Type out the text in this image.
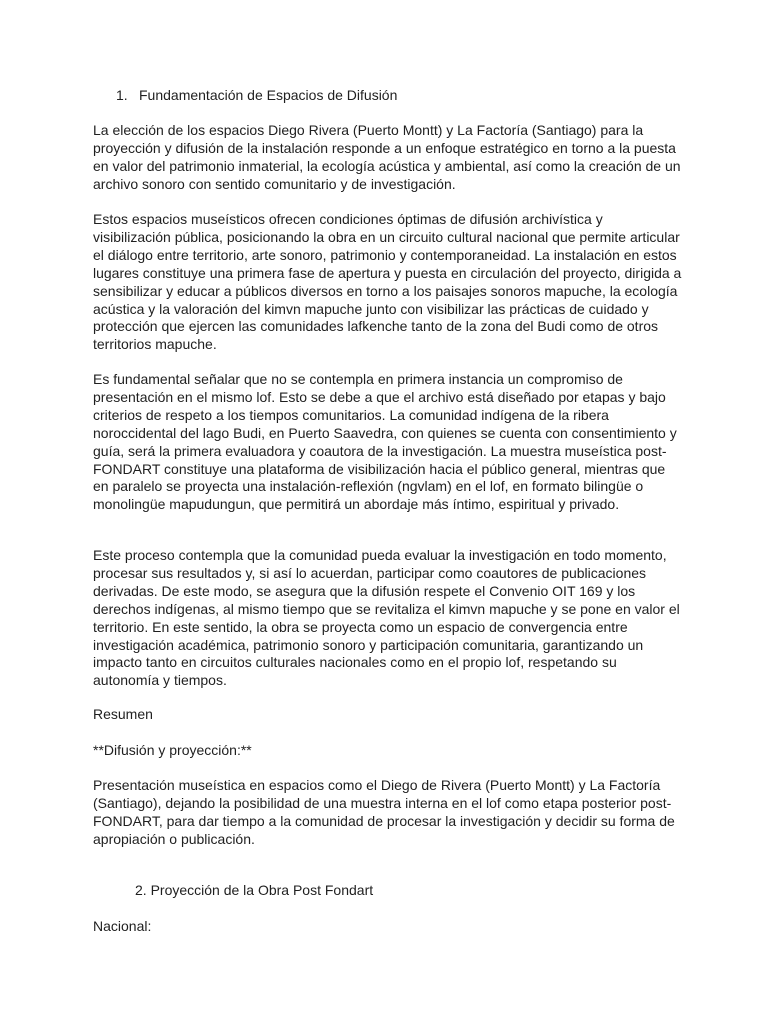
1. Fundamentación de Espacios de Difusión

La elección de los espacios Diego Rivera (Puerto Montt) y La Factoría (Santiago) para la proyección y difusión de la instalación responde a un enfoque estratégico en torno a la puesta en valor del patrimonio inmaterial, la ecología acústica y ambiental, así como la creación de un archivo sonoro con sentido comunitario y de investigación.

Estos espacios museísticos ofrecen condiciones óptimas de difusión archivística y visibilización pública, posicionando la obra en un circuito cultural nacional que permite articular el diálogo entre territorio, arte sonoro, patrimonio y contemporaneidad. La instalación en estos lugares constituye una primera fase de apertura y puesta en circulación del proyecto, dirigida a sensibilizar y educar a públicos diversos en torno a los paisajes sonoros mapuche, la ecología acústica y la valoración del kimvn mapuche junto con visibilizar las prácticas de cuidado y protección que ejercen las comunidades lafkenche tanto de la zona del Budi como de otros territorios mapuche.

Es fundamental señalar que no se contempla en primera instancia un compromiso de presentación en el mismo lof. Esto se debe a que el archivo está diseñado por etapas y bajo criterios de respeto a los tiempos comunitarios. La comunidad indígena de la ribera noroccidental del lago Budi, en Puerto Saavedra, con quienes se cuenta con consentimiento y guía, será la primera evaluadora y coautora de la investigación. La muestra museística post-FONDART constituye una plataforma de visibilización hacia el público general, mientras que en paralelo se proyecta una instalación-reflexión (ngvlam) en el lof, en formato bilingüe o monolingüe mapudungun, que permitirá un abordaje más íntimo, espiritual y privado.

Este proceso contempla que la comunidad pueda evaluar la investigación en todo momento, procesar sus resultados y, si así lo acuerdan, participar como coautores de publicaciones derivadas. De este modo, se asegura que la difusión respete el Convenio OIT 169 y los derechos indígenas, al mismo tiempo que se revitaliza el kimvn mapuche y se pone en valor el territorio. En este sentido, la obra se proyecta como un espacio de convergencia entre investigación académica, patrimonio sonoro y participación comunitaria, garantizando un impacto tanto en circuitos culturales nacionales como en el propio lof, respetando su autonomía y tiempos.

Resumen

**Difusión y proyección:**

Presentación museística en espacios como el Diego de Rivera (Puerto Montt) y La Factoría (Santiago), dejando la posibilidad de una muestra interna en el lof como etapa posterior post-FONDART, para dar tiempo a la comunidad de procesar la investigación y decidir su forma de apropiación o publicación.

2. Proyección de la Obra Post Fondart
Nacional:
